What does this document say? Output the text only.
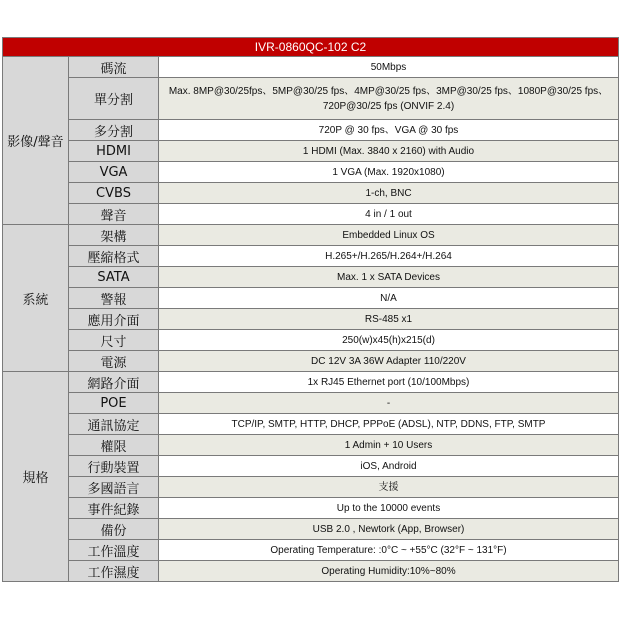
IVR-0860QC-102 C2		
影像/聲音	碼流	50Mbps
	單分割	Max. 8MP@30/25fps、5MP@30/25 fps、4MP@30/25 fps、3MP@30/25 fps、1080P@30/25 fps、720P@30/25 fps (ONVIF 2.4)
	多分割	720P @ 30 fps、VGA @ 30 fps
	HDMI	1 HDMI (Max. 3840 x 2160) with Audio
	VGA	1 VGA (Max. 1920x1080)
	CVBS	1-ch, BNC
	聲音	4 in / 1 out
系統	架構	Embedded Linux OS
	壓縮格式	H.265+/H.265/H.264+/H.264
	SATA	Max. 1 x SATA Devices
	警報	N/A
	應用介面	RS-485 x1
	尺寸	250(w)x45(h)x215(d)
	電源	DC 12V 3A 36W Adapter 110/220V
規格	網路介面	1x RJ45 Ethernet port (10/100Mbps)
	POE	-
	通訊協定	TCP/IP, SMTP, HTTP, DHCP, PPPoE (ADSL), NTP, DDNS, FTP, SMTP
	權限	1 Admin + 10 Users
	行動裝置	iOS, Android
	多國語言	支援
	事件紀錄	Up to the 10000 events
	備份	USB 2.0 , Newtork (App, Browser)
	工作溫度	Operating Temperature: :0°C ~ +55°C (32°F ~ 131°F)
	工作濕度	Operating Humidity:10%~80%
